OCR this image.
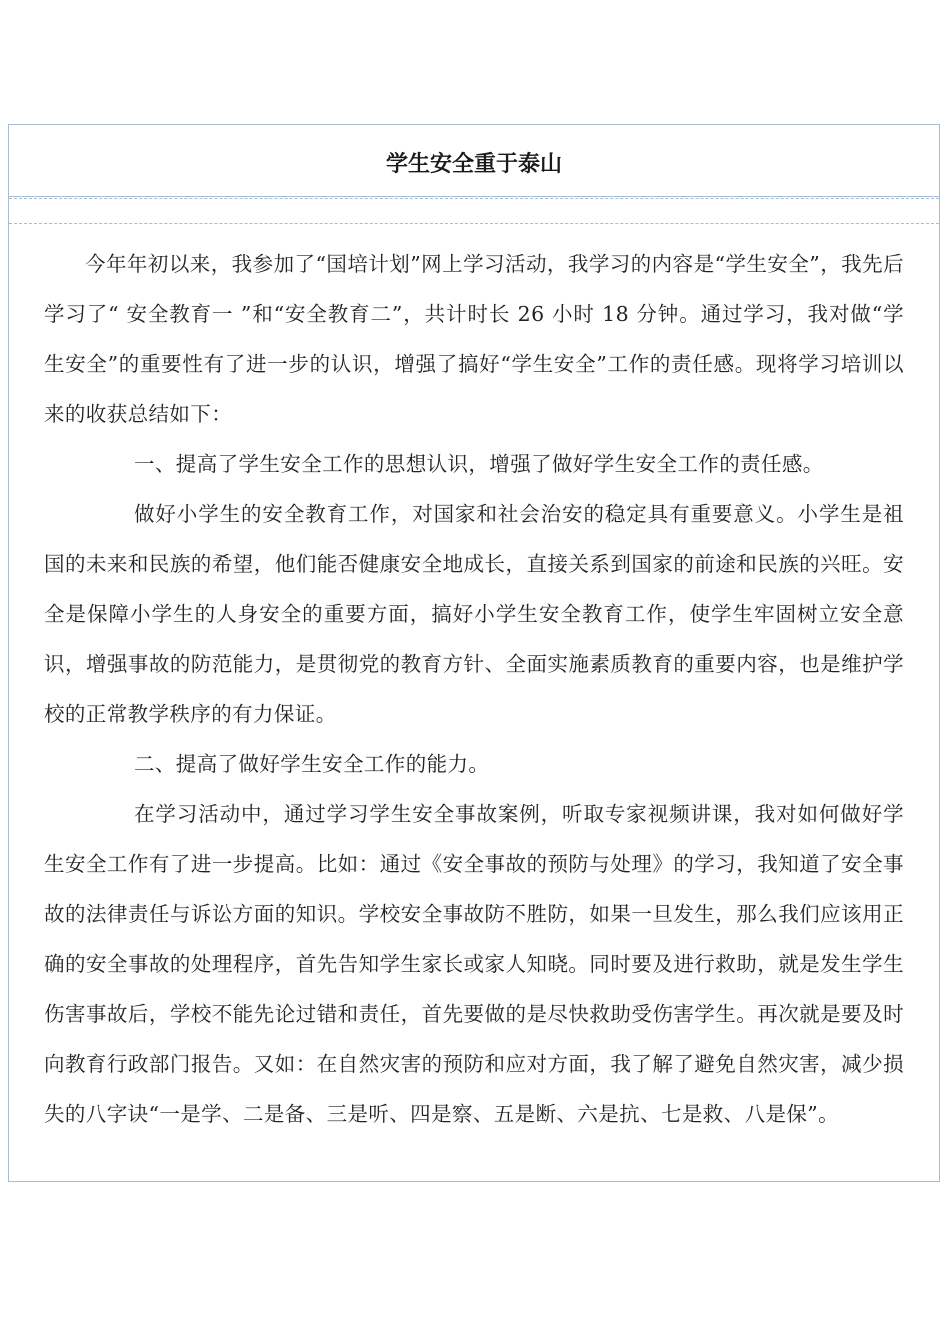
学生安全重于泰山

今年年初以来，我参加了“国培计划”网上学习活动，我学习的内容是“学生安全”，我先后学习了“ 安全教育一 ”和“安全教育二”，共计时长 26 小时 18 分钟。通过学习，我对做“学生安全”的重要性有了进一步的认识，增强了搞好“学生安全”工作的责任感。现将学习培训以来的收获总结如下：

一、提高了学生安全工作的思想认识，增强了做好学生安全工作的责任感。

做好小学生的安全教育工作，对国家和社会治安的稳定具有重要意义。小学生是祖国的未来和民族的希望，他们能否健康安全地成长，直接关系到国家的前途和民族的兴旺。安全是保障小学生的人身安全的重要方面，搞好小学生安全教育工作，使学生牢固树立安全意识，增强事故的防范能力，是贯彻党的教育方针、全面实施素质教育的重要内容，也是维护学校的正常教学秩序的有力保证。

二、提高了做好学生安全工作的能力。

在学习活动中，通过学习学生安全事故案例，听取专家视频讲课，我对如何做好学生安全工作有了进一步提高。比如：通过《安全事故的预防与处理》的学习，我知道了安全事故的法律责任与诉讼方面的知识。学校安全事故防不胜防，如果一旦发生，那么我们应该用正确的安全事故的处理程序，首先告知学生家长或家人知晓。同时要及进行救助，就是发生学生伤害事故后，学校不能先论过错和责任，首先要做的是尽快救助受伤害学生。再次就是要及时向教育行政部门报告。又如：在自然灾害的预防和应对方面，我了解了避免自然灾害，减少损失的八字诀“一是学、二是备、三是听、四是察、五是断、六是抗、七是救、八是保”。
